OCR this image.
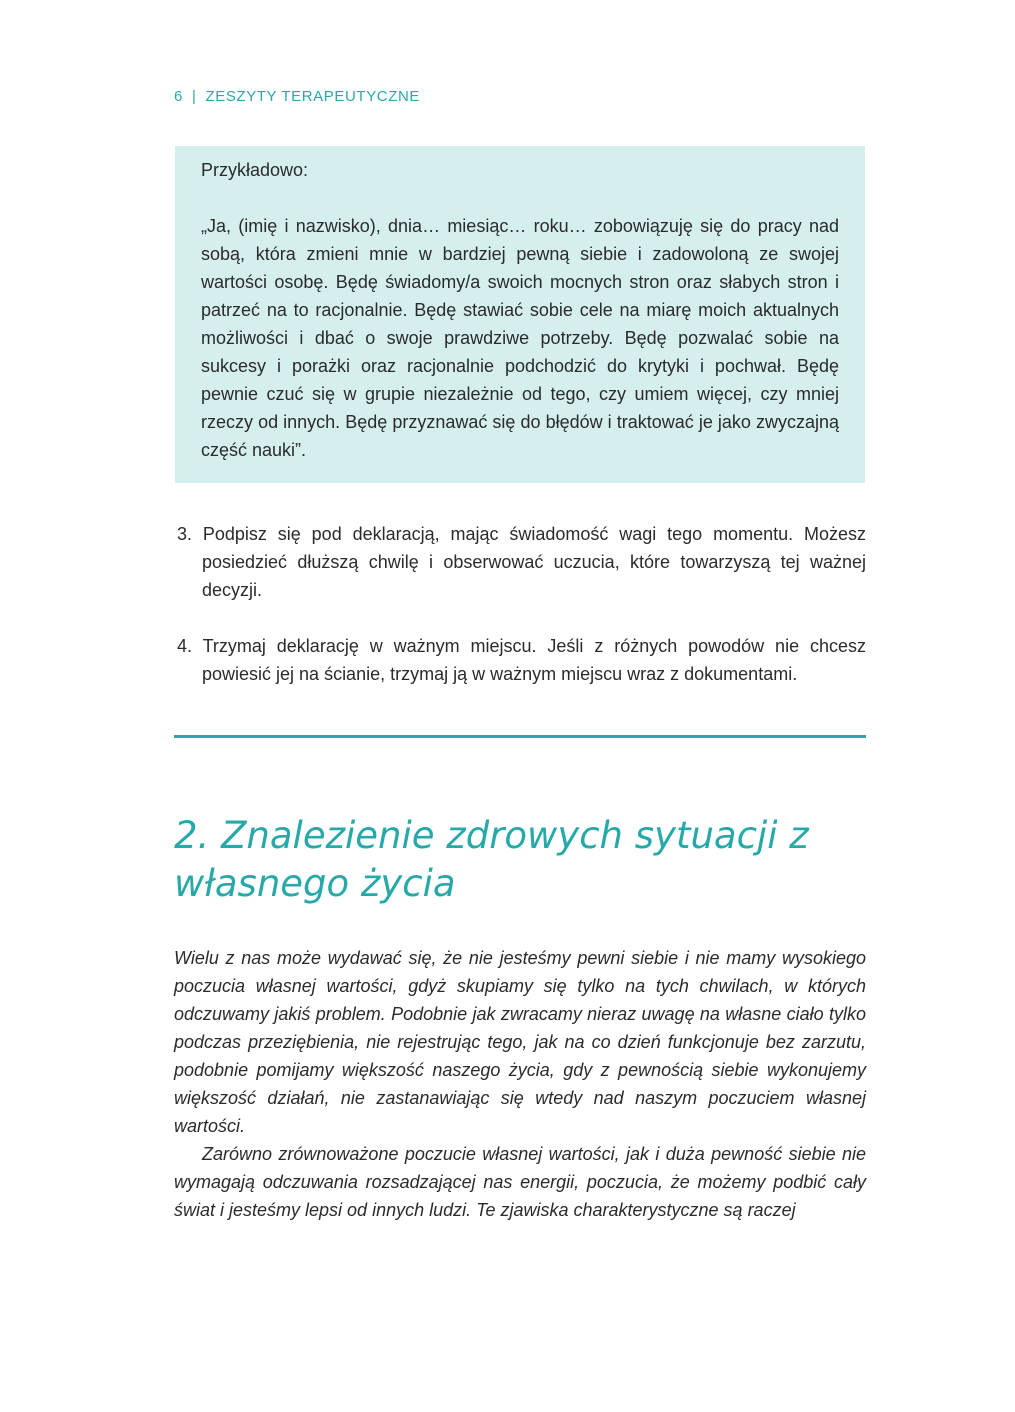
6 | ZESZYTY TERAPEUTYCZNE

Przykładowo:

„Ja, (imię i nazwisko), dnia… miesiąc… roku… zobowiązuję się do pracy nad sobą, która zmieni mnie w bardziej pewną siebie i zadowoloną ze swojej wartości osobę. Będę świadomy/a swoich mocnych stron oraz słabych stron i patrzeć na to racjonalnie. Będę stawiać sobie cele na miarę moich aktualnych możliwości i dbać o swoje prawdziwe potrzeby. Będę pozwalać sobie na sukcesy i porażki oraz racjonalnie podchodzić do krytyki i pochwał. Będę pewnie czuć się w grupie niezależnie od tego, czy umiem więcej, czy mniej rzeczy od innych. Będę przyznawać się do błędów i traktować je jako zwyczajną część nauki”.

3. Podpisz się pod deklaracją, mając świadomość wagi tego momentu. Możesz posiedzieć dłuższą chwilę i obserwować uczucia, które towarzyszą tej ważnej decyzji.

4. Trzymaj deklarację w ważnym miejscu. Jeśli z różnych powodów nie chcesz powiesić jej na ścianie, trzymaj ją w ważnym miejscu wraz z dokumentami.

2. Znalezienie zdrowych sytuacji z własnego życia

Wielu z nas może wydawać się, że nie jesteśmy pewni siebie i nie mamy wysokiego poczucia własnej wartości, gdyż skupiamy się tylko na tych chwilach, w których odczuwamy jakiś problem. Podobnie jak zwracamy nieraz uwagę na własne ciało tylko podczas przeziębienia, nie rejestrując tego, jak na co dzień funkcjonuje bez zarzutu, podobnie pomijamy większość naszego życia, gdy z pewnością siebie wykonujemy większość działań, nie zastanawiając się wtedy nad naszym poczuciem własnej wartości.

Zarówno zrównoważone poczucie własnej wartości, jak i duża pewność siebie nie wymagają odczuwania rozsadzającej nas energii, poczucia, że możemy podbić cały świat i jesteśmy lepsi od innych ludzi. Te zjawiska charakterystyczne są raczej
